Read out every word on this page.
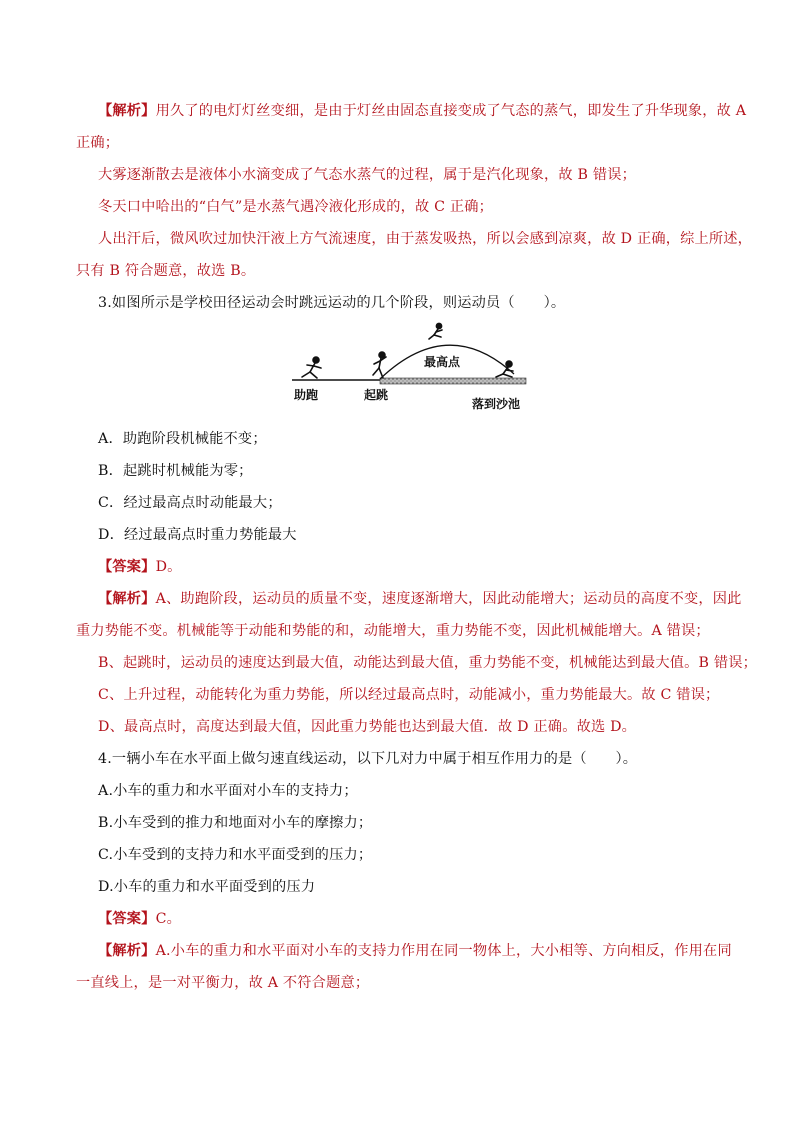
【解析】用久了的电灯灯丝变细，是由于灯丝由固态直接变成了气态的蒸气，即发生了升华现象，故 A
正确；
大雾逐渐散去是液体小水滴变成了气态水蒸气的过程，属于是汽化现象，故 B 错误；
冬天口中哈出的“白气”是水蒸气遇冷液化形成的，故 C 正确；
人出汗后，微风吹过加快汗液上方气流速度，由于蒸发吸热，所以会感到凉爽，故 D 正确，综上所述，
只有 B 符合题意，故选 B。
3.如图所示是学校田径运动会时跳远运动的几个阶段，则运动员（　　）。
助跑	起跳
最高点
落到沙池
A．助跑阶段机械能不变；
B．起跳时机械能为零；
C．经过最高点时动能最大；
D．经过最高点时重力势能最大
【答案】D。
【解析】A、助跑阶段，运动员的质量不变，速度逐渐增大，因此动能增大；运动员的高度不变，因此
重力势能不变。机械能等于动能和势能的和，动能增大，重力势能不变，因此机械能增大。A 错误；
B、起跳时，运动员的速度达到最大值，动能达到最大值，重力势能不变，机械能达到最大值。B 错误；
C、上升过程，动能转化为重力势能，所以经过最高点时，动能减小，重力势能最大。故 C 错误；
D、最高点时，高度达到最大值，因此重力势能也达到最大值．故 D 正确。故选 D。
4.一辆小车在水平面上做匀速直线运动，以下几对力中属于相互作用力的是（　　）。
A.小车的重力和水平面对小车的支持力；
B.小车受到的推力和地面对小车的摩擦力；
C.小车受到的支持力和水平面受到的压力；
D.小车的重力和水平面受到的压力
【答案】C。
【解析】A.小车的重力和水平面对小车的支持力作用在同一物体上，大小相等、方向相反，作用在同
一直线上，是一对平衡力，故 A 不符合题意；
